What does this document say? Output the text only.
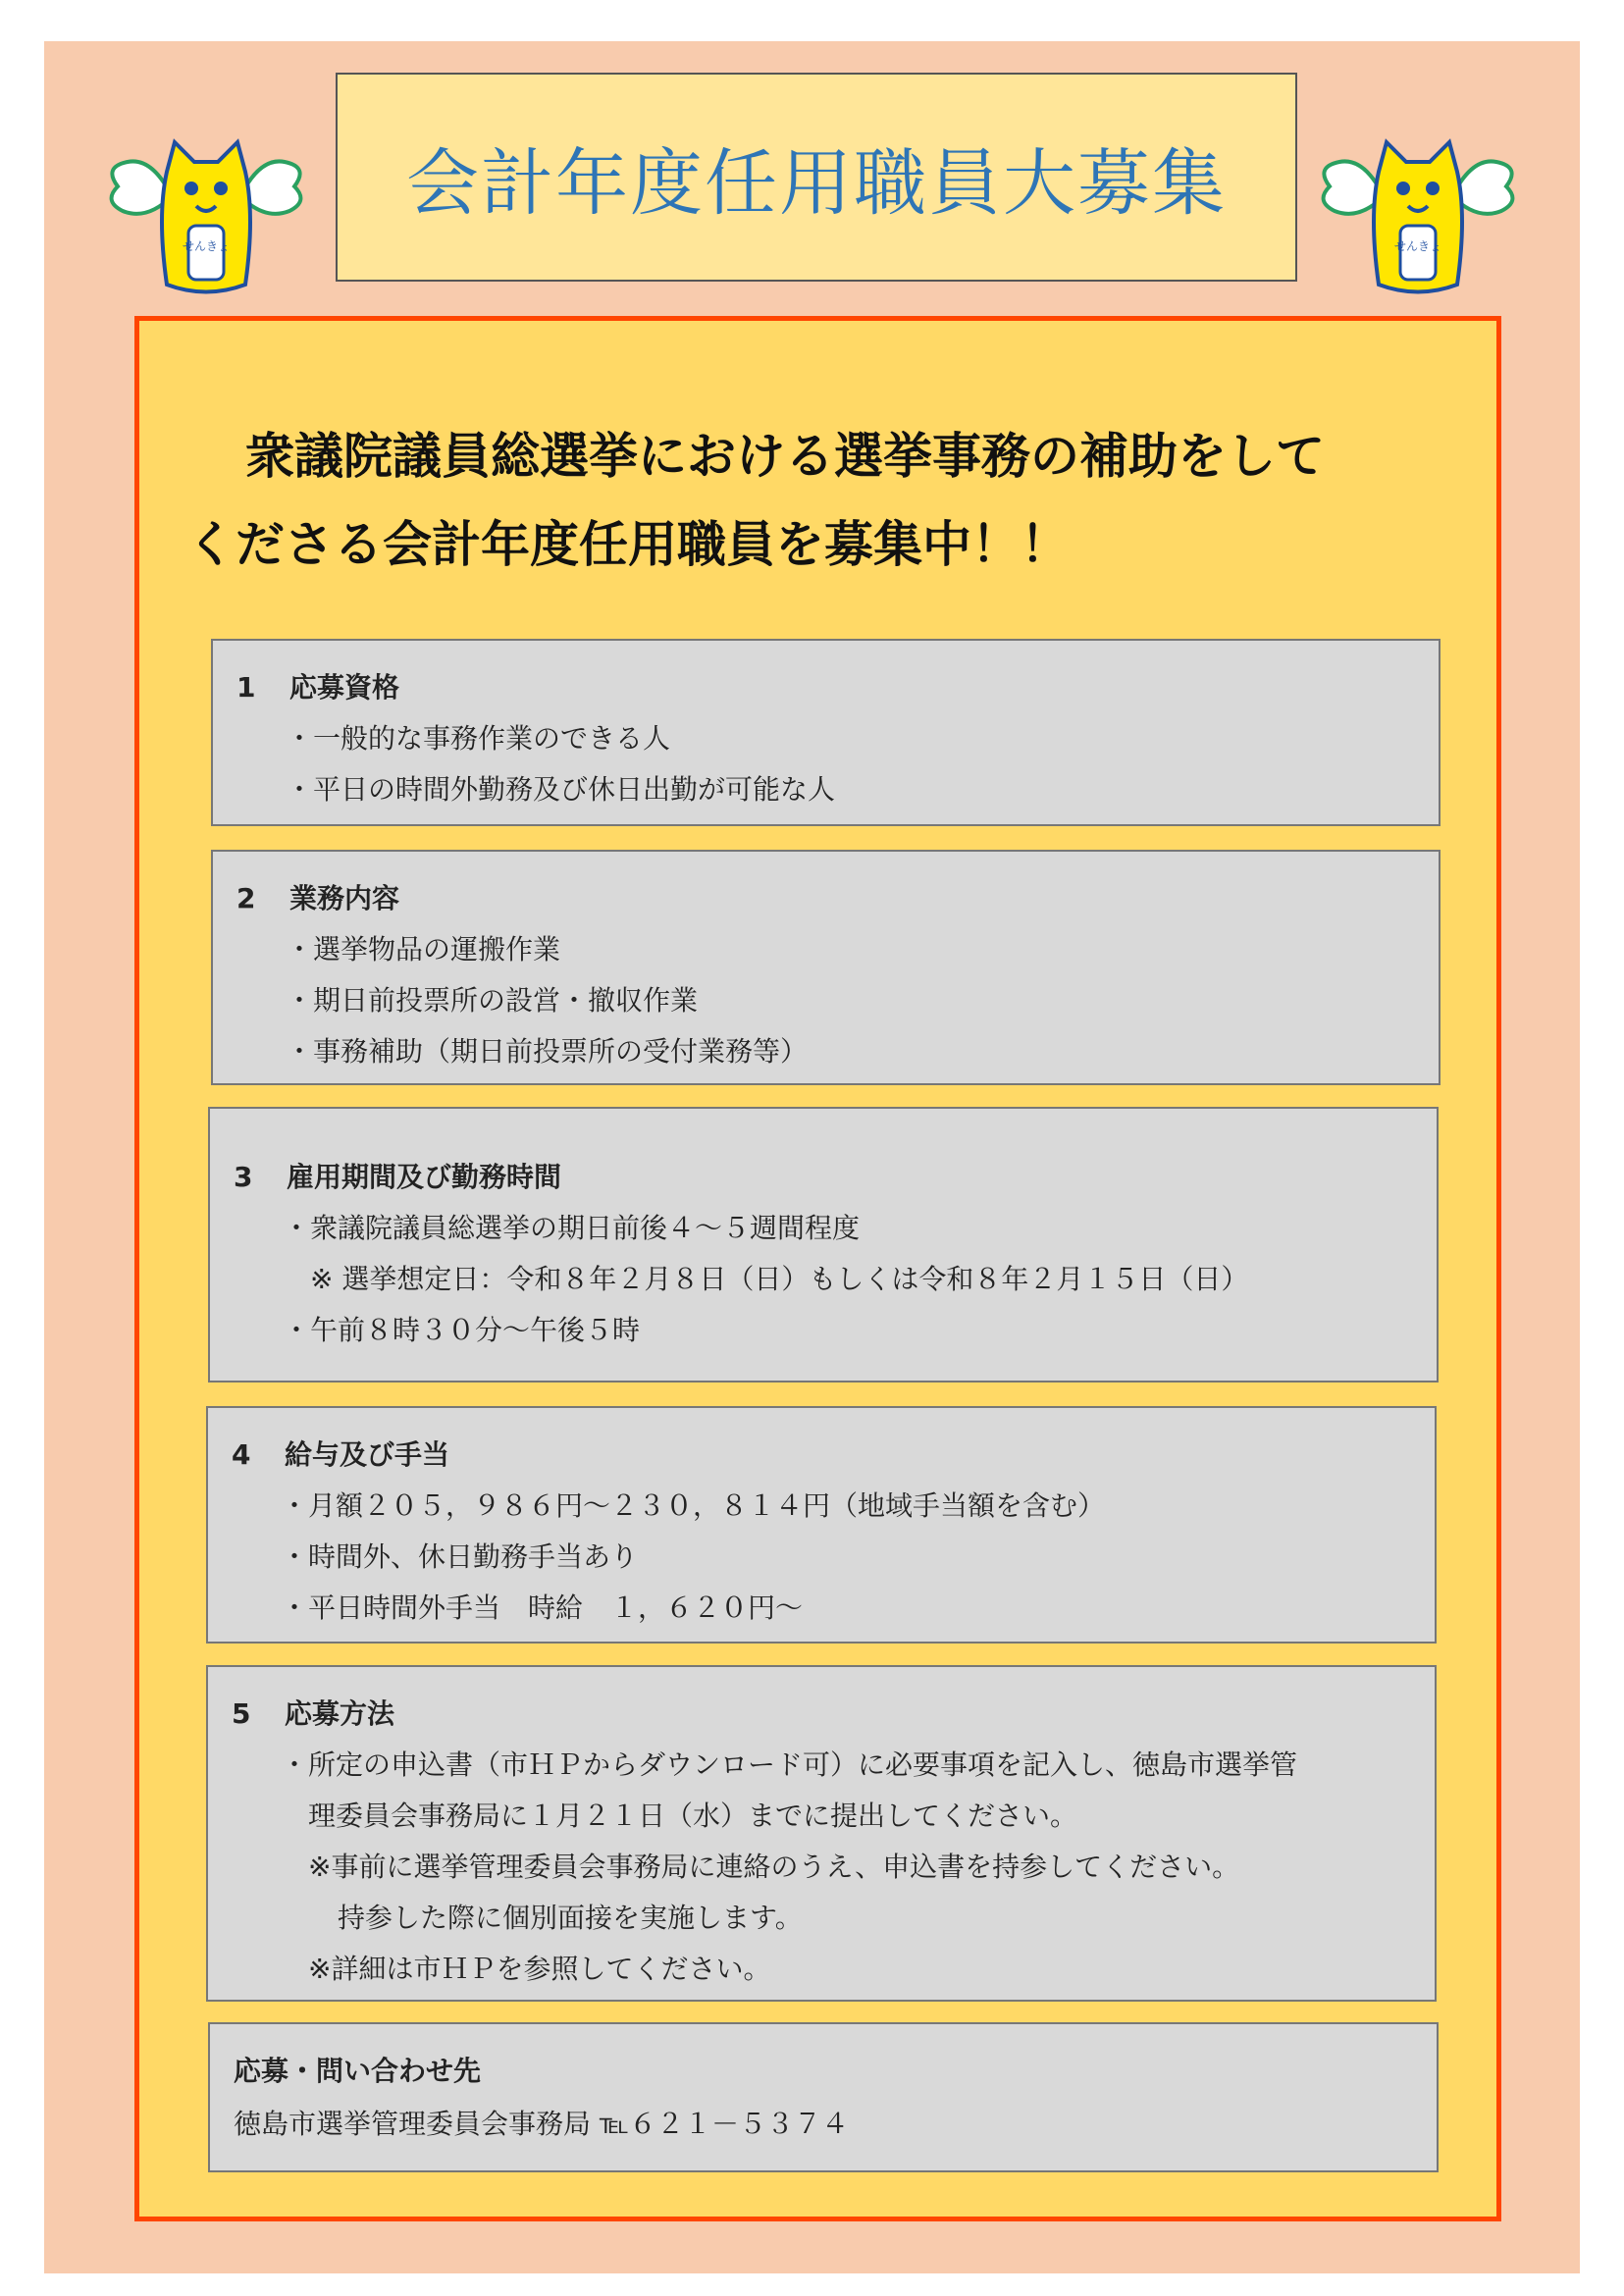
せんきょ	せんきょ
会計年度任用職員大募集
衆議院議員総選挙における選挙事務の補助をして
くださる会計年度任用職員を募集中！！
1 応募資格
・一般的な事務作業のできる人
・平日の時間外勤務及び休日出勤が可能な人
2 業務内容
・選挙物品の運搬作業
・期日前投票所の設営・撤収作業
・事務補助（期日前投票所の受付業務等）
3 雇用期間及び勤務時間
・衆議院議員総選挙の期日前後４～５週間程度
※ 選挙想定日：令和８年２月８日（日）もしくは令和８年２月１５日（日）
・午前８時３０分～午後５時
4 給与及び手当
・月額２０５，９８６円～２３０，８１４円（地域手当額を含む）
・時間外、休日勤務手当あり
・平日時間外手当　時給　１，６２０円～
5 応募方法
・所定の申込書（市ＨＰからダウンロード可）に必要事項を記入し、徳島市選挙管
理委員会事務局に１月２１日（水）までに提出してください。
※事前に選挙管理委員会事務局に連絡のうえ、申込書を持参してください。
持参した際に個別面接を実施します。
※詳細は市ＨＰを参照してください。
応募・問い合わせ先
徳島市選挙管理委員会事務局 ℡６２１－５３７４
